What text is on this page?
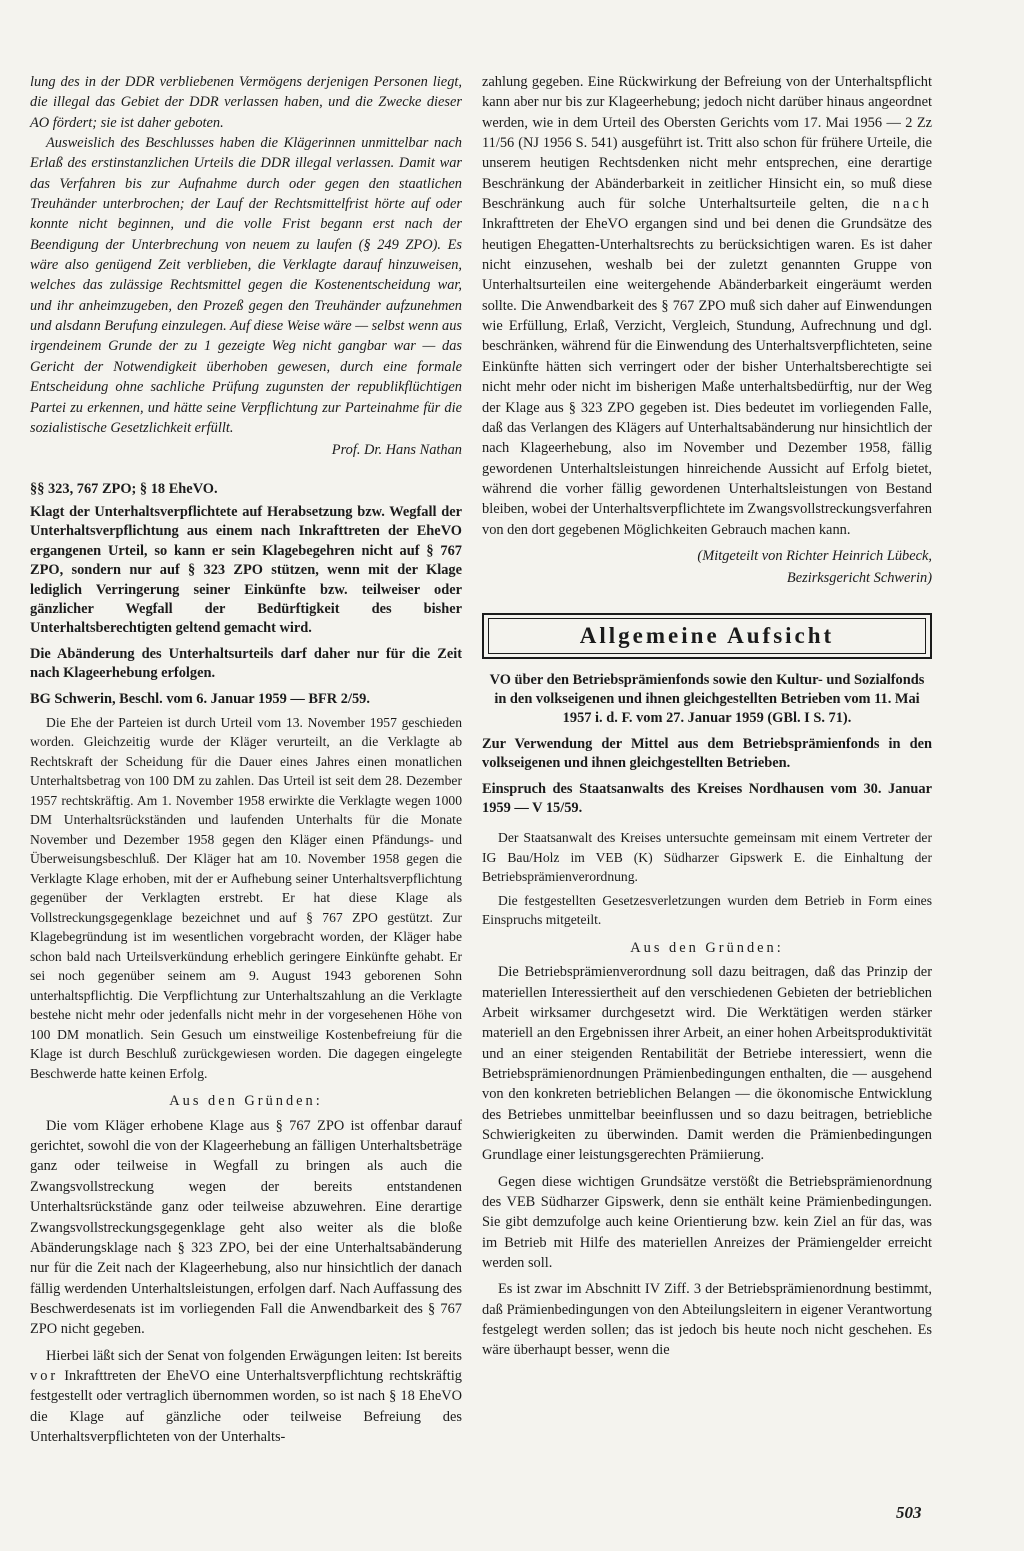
lung des in der DDR verbliebenen Vermögens derjenigen Personen liegt, die illegal das Gebiet der DDR verlassen haben, und die Zwecke dieser AO fördert; sie ist daher geboten.

Ausweislich des Beschlusses haben die Klägerinnen unmittelbar nach Erlaß des erstinstanzlichen Urteils die DDR illegal verlassen. Damit war das Verfahren bis zur Aufnahme durch oder gegen den staatlichen Treuhänder unterbrochen; der Lauf der Rechtsmittelfrist hörte auf oder konnte nicht beginnen, und die volle Frist begann erst nach der Beendigung der Unterbrechung von neuem zu laufen (§ 249 ZPO). Es wäre also genügend Zeit verblieben, die Verklagte darauf hinzuweisen, welches das zulässige Rechtsmittel gegen die Kostenentscheidung war, und ihr anheimzugeben, den Prozeß gegen den Treuhänder aufzunehmen und alsdann Berufung einzulegen. Auf diese Weise wäre — selbst wenn aus irgendeinem Grunde der zu 1 gezeigte Weg nicht gangbar war — das Gericht der Notwendigkeit überhoben gewesen, durch eine formale Entscheidung ohne sachliche Prüfung zugunsten der republikflüchtigen Partei zu erkennen, und hätte seine Verpflichtung zur Parteinahme für die sozialistische Gesetzlichkeit erfüllt.

Prof. Dr. Hans Nathan

§§ 323, 767 ZPO; § 18 EheVO.

Klagt der Unterhaltsverpflichtete auf Herabsetzung bzw. Wegfall der Unterhaltsverpflichtung aus einem nach Inkrafttreten der EheVO ergangenen Urteil, so kann er sein Klagebegehren nicht auf § 767 ZPO, sondern nur auf § 323 ZPO stützen, wenn mit der Klage lediglich Verringerung seiner Einkünfte bzw. teilweiser oder gänzlicher Wegfall der Bedürftigkeit des bisher Unterhaltsberechtigten geltend gemacht wird.

Die Abänderung des Unterhaltsurteils darf daher nur für die Zeit nach Klageerhebung erfolgen.

BG Schwerin, Beschl. vom 6. Januar 1959 — BFR 2/59.

Die Ehe der Parteien ist durch Urteil vom 13. November 1957 geschieden worden. Gleichzeitig wurde der Kläger verurteilt, an die Verklagte ab Rechtskraft der Scheidung für die Dauer eines Jahres einen monatlichen Unterhaltsbetrag von 100 DM zu zahlen. Das Urteil ist seit dem 28. Dezember 1957 rechtskräftig. Am 1. November 1958 erwirkte die Verklagte wegen 1000 DM Unterhaltsrückständen und laufenden Unterhalts für die Monate November und Dezember 1958 gegen den Kläger einen Pfändungs- und Überweisungsbeschluß. Der Kläger hat am 10. November 1958 gegen die Verklagte Klage erhoben, mit der er Aufhebung seiner Unterhaltsverpflichtung gegenüber der Verklagten erstrebt. Er hat diese Klage als Vollstreckungsgegenklage bezeichnet und auf § 767 ZPO gestützt. Zur Klagebegründung ist im wesentlichen vorgebracht worden, der Kläger habe schon bald nach Urteilsverkündung erheblich geringere Einkünfte gehabt. Er sei noch gegenüber seinem am 9. August 1943 geborenen Sohn unterhaltspflichtig. Die Verpflichtung zur Unterhaltszahlung an die Verklagte bestehe nicht mehr oder jedenfalls nicht mehr in der vorgesehenen Höhe von 100 DM monatlich. Sein Gesuch um einstweilige Kostenbefreiung für die Klage ist durch Beschluß zurückgewiesen worden. Die dagegen eingelegte Beschwerde hatte keinen Erfolg.

Aus den Gründen:

Die vom Kläger erhobene Klage aus § 767 ZPO ist offenbar darauf gerichtet, sowohl die von der Klageerhebung an fälligen Unterhaltsbeträge ganz oder teilweise in Wegfall zu bringen als auch die Zwangsvollstreckung wegen der bereits entstandenen Unterhaltsrückstände ganz oder teilweise abzuwehren. Eine derartige Zwangsvollstreckungsgegenklage geht also weiter als die bloße Abänderungsklage nach § 323 ZPO, bei der eine Unterhaltsabänderung nur für die Zeit nach der Klageerhebung, also nur hinsichtlich der danach fällig werdenden Unterhaltsleistungen, erfolgen darf. Nach Auffassung des Beschwerdesenats ist im vorliegenden Fall die Anwendbarkeit des § 767 ZPO nicht gegeben.

Hierbei läßt sich der Senat von folgenden Erwägungen leiten: Ist bereits vor Inkrafttreten der EheVO eine Unterhaltsverpflichtung rechtskräftig festgestellt oder vertraglich übernommen worden, so ist nach § 18 EheVO die Klage auf gänzliche oder teilweise Befreiung des Unterhaltsverpflichteten von der Unterhalts-

zahlung gegeben. Eine Rückwirkung der Befreiung von der Unterhaltspflicht kann aber nur bis zur Klageerhebung; jedoch nicht darüber hinaus angeordnet werden, wie in dem Urteil des Obersten Gerichts vom 17. Mai 1956 — 2 Zz 11/56 (NJ 1956 S. 541) ausgeführt ist. Tritt also schon für frühere Urteile, die unserem heutigen Rechtsdenken nicht mehr entsprechen, eine derartige Beschränkung der Abänderbarkeit in zeitlicher Hinsicht ein, so muß diese Beschränkung auch für solche Unterhaltsurteile gelten, die nach Inkrafttreten der EheVO ergangen sind und bei denen die Grundsätze des heutigen Ehegatten-Unterhaltsrechts zu berücksichtigen waren. Es ist daher nicht einzusehen, weshalb bei der zuletzt genannten Gruppe von Unterhaltsurteilen eine weitergehende Abänderbarkeit eingeräumt werden sollte. Die Anwendbarkeit des § 767 ZPO muß sich daher auf Einwendungen wie Erfüllung, Erlaß, Verzicht, Vergleich, Stundung, Aufrechnung und dgl. beschränken, während für die Einwendung des Unterhaltsverpflichteten, seine Einkünfte hätten sich verringert oder der bisher Unterhaltsberechtigte sei nicht mehr oder nicht im bisherigen Maße unterhaltsbedürftig, nur der Weg der Klage aus § 323 ZPO gegeben ist. Dies bedeutet im vorliegenden Falle, daß das Verlangen des Klägers auf Unterhaltsabänderung nur hinsichtlich der nach Klageerhebung, also im November und Dezember 1958, fällig gewordenen Unterhaltsleistungen hinreichende Aussicht auf Erfolg bietet, während die vorher fällig gewordenen Unterhaltsleistungen von Bestand bleiben, wobei der Unterhaltsverpflichtete im Zwangsvollstreckungsverfahren von den dort gegebenen Möglichkeiten Gebrauch machen kann.

(Mitgeteilt von Richter Heinrich Lübeck,

Bezirksgericht Schwerin)

Allgemeine Aufsicht

VO über den Betriebsprämienfonds sowie den Kultur- und Sozialfonds in den volkseigenen und ihnen gleichgestellten Betrieben vom 11. Mai 1957 i. d. F. vom 27. Januar 1959 (GBl. I S. 71).

Zur Verwendung der Mittel aus dem Betriebsprämienfonds in den volkseigenen und ihnen gleichgestellten Betrieben.

Einspruch des Staatsanwalts des Kreises Nordhausen vom 30. Januar 1959 — V 15/59.

Der Staatsanwalt des Kreises untersuchte gemeinsam mit einem Vertreter der IG Bau/Holz im VEB (K) Südharzer Gipswerk E. die Einhaltung der Betriebsprämienverordnung.

Die festgestellten Gesetzesverletzungen wurden dem Betrieb in Form eines Einspruchs mitgeteilt.

Aus den Gründen:

Die Betriebsprämienverordnung soll dazu beitragen, daß das Prinzip der materiellen Interessiertheit auf den verschiedenen Gebieten der betrieblichen Arbeit wirksamer durchgesetzt wird. Die Werktätigen werden stärker materiell an den Ergebnissen ihrer Arbeit, an einer hohen Arbeitsproduktivität und an einer steigenden Rentabilität der Betriebe interessiert, wenn die Betriebsprämienordnungen Prämienbedingungen enthalten, die — ausgehend von den konkreten betrieblichen Belangen — die ökonomische Entwicklung des Betriebes unmittelbar beeinflussen und so dazu beitragen, betriebliche Schwierigkeiten zu überwinden. Damit werden die Prämienbedingungen Grundlage einer leistungsgerechten Prämiierung.

Gegen diese wichtigen Grundsätze verstößt die Betriebsprämienordnung des VEB Südharzer Gipswerk, denn sie enthält keine Prämienbedingungen. Sie gibt demzufolge auch keine Orientierung bzw. kein Ziel an für das, was im Betrieb mit Hilfe des materiellen Anreizes der Prämiengelder erreicht werden soll.

Es ist zwar im Abschnitt IV Ziff. 3 der Betriebsprämienordnung bestimmt, daß Prämienbedingungen von den Abteilungsleitern in eigener Verantwortung festgelegt werden sollen; das ist jedoch bis heute noch nicht geschehen. Es wäre überhaupt besser, wenn die

503
